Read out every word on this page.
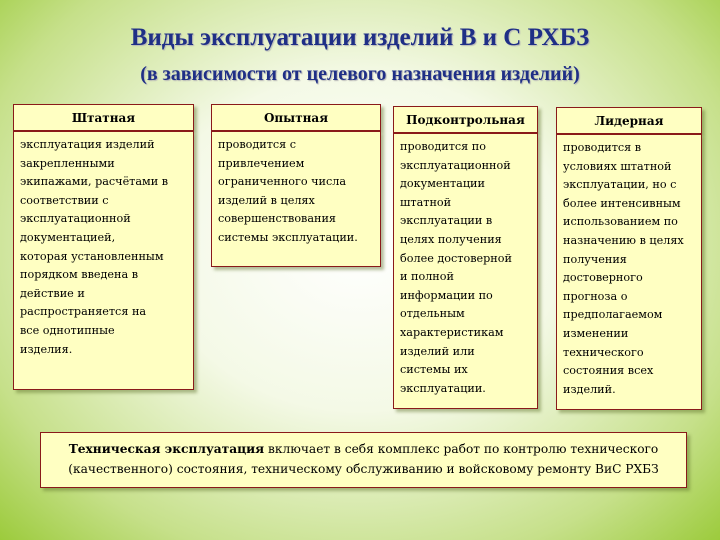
Виды эксплуатации изделий В и С РХБЗ
(в зависимости от целевого назначения изделий)
Штатная	Опытная	Подконтрольная	Лидерная
эксплуатация изделий
закрепленными
экипажами, расчётами в
соответствии с
эксплуатационной
документацией,
которая установленным
порядком введена в
действие и
распространяется на
все однотипные
изделия.
проводится с
привлечением
ограниченного числа
изделий в целях
совершенствования
системы эксплуатации.
проводится по
эксплуатационной
документации
штатной
эксплуатации в
целях получения
более достоверной
и полной
информации по
отдельным
характеристикам
изделий или
системы их
эксплуатации.
проводится в
условиях штатной
эксплуатации, но с
более интенсивным
использованием по
назначению в целях
получения
достоверного
прогноза о
предполагаемом
изменении
технического
состояния всех
изделий.
Техническая эксплуатация включает в себя комплекс работ по контролю технического
(качественного) состояния, техническому обслуживанию и войсковому ремонту ВиС РХБЗ
